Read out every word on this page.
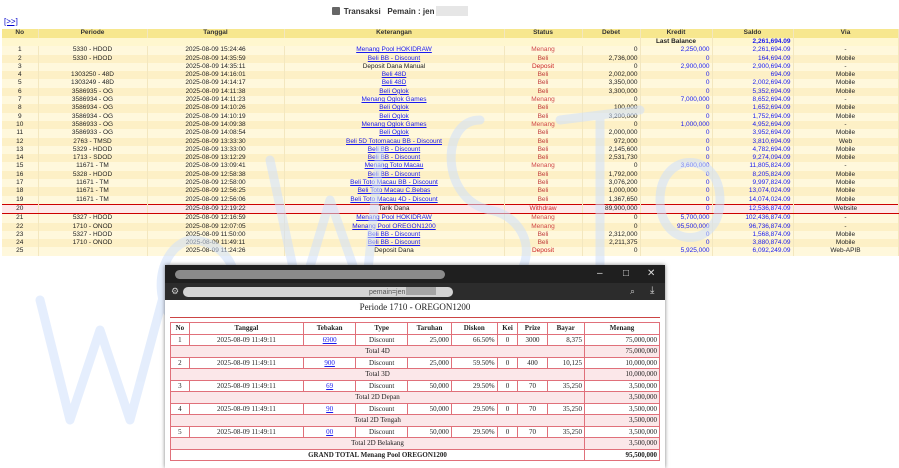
Transaksi Pemain : jen
[>>]
No	Periode	Tanggal	Keterangan	Status	Debet	Kredit	Saldo	Via
						Last Balance	2,261,694.09	
1	5330 - HDOD	2025-08-09 15:24:46	Menang Pool HOKIDRAW	Menang	0	2,250,000	2,261,694.09	-
2	5330 - HDOD	2025-08-09 14:35:59	Beli BB - Discount	Beli	2,736,000	0	164,694.09	Mobile
3		2025-08-09 14:35:11	Deposit Dana Manual	Deposit	0	2,900,000	2,900,694.09	-
4	1303250 - 48D	2025-08-09 14:16:01	Beli 48D	Beli	2,002,000	0	694.09	Mobile
5	1303249 - 48D	2025-08-09 14:14:17	Beli 48D	Beli	3,350,000	0	2,002,694.09	Mobile
6	3586935 - OG	2025-08-09 14:11:38	Beli Oglok	Beli	3,300,000	0	5,352,694.09	Mobile
7	3586934 - OG	2025-08-09 14:11:23	Menang Oglok Games	Menang	0	7,000,000	8,652,694.09	-
8	3586934 - OG	2025-08-09 14:10:26	Beli Oglok	Beli	100,000	0	1,652,694.09	Mobile
9	3586934 - OG	2025-08-09 14:10:19	Beli Oglok	Beli	3,200,000	0	1,752,694.09	Mobile
10	3586933 - OG	2025-08-09 14:09:38	Menang Oglok Games	Menang	0	1,000,000	4,952,694.09	-
11	3586933 - OG	2025-08-09 14:08:54	Beli Oglok	Beli	2,000,000	0	3,952,694.09	Mobile
12	2763 - TMSD	2025-08-09 13:33:30	Beli 5D Totomacau BB - Discount	Beli	972,000	0	3,810,694.09	Web
13	5329 - HDOD	2025-08-09 13:33:00	Beli BB - Discount	Beli	2,145,600	0	4,782,694.09	Mobile
14	1713 - SDOD	2025-08-09 13:12:29	Beli BB - Discount	Beli	2,531,730	0	9,274,094.09	Mobile
15	11671 - TM	2025-08-09 13:09:41	Menang Toto Macau	Menang	0	3,600,000	11,805,824.09	-
16	5328 - HDOD	2025-08-09 12:58:38	Beli BB - Discount	Beli	1,792,000	0	8,205,824.09	Mobile
17	11671 - TM	2025-08-09 12:58:00	Beli Toto Macau BB - Discount	Beli	3,076,200	0	9,997,824.09	Mobile
18	11671 - TM	2025-08-09 12:56:25	Beli Toto Macau C.Bebas	Beli	1,000,000	0	13,074,024.09	Mobile
19	11671 - TM	2025-08-09 12:56:06	Beli Toto Macau 4D - Discount	Beli	1,367,650	0	14,074,024.09	Mobile
20		2025-08-09 12:19:22	Tarik Dana	Withdraw	89,900,000	0	12,536,874.09	Website
21	5327 - HDOD	2025-08-09 12:16:59	Menang Pool HOKIDRAW	Menang	0	5,700,000	102,436,874.09	-
22	1710 - ONOD	2025-08-09 12:07:05	Menang Pool OREGON1200	Menang	0	95,500,000	96,736,874.09	-
23	5327 - HDOD	2025-08-09 11:50:00	Beli BB - Discount	Beli	2,312,000	0	1,568,874.09	Mobile
24	1710 - ONOD	2025-08-09 11:49:11	Beli BB - Discount	Beli	2,211,375	0	3,880,874.09	Mobile
25		2025-08-09 11:24:26	Deposit Dana	Deposit	0	5,925,000	6,092,249.09	Web-APIB
– □ ✕
⚙	pemain=jen	⌕ ⤓
Periode 1710 - OREGON1200
No	Tanggal	Tebakan	Type	Taruhan	Diskon	Kei	Prize	Bayar	Menang
1	2025-08-09 11:49:11	6900	Discount	25,000	66.50%	0	3000	8,375	75,000,000
Total 4D									75,000,000
2	2025-08-09 11:49:11	900	Discount	25,000	59.50%	0	400	10,125	10,000,000
Total 3D									10,000,000
3	2025-08-09 11:49:11	69	Discount	50,000	29.50%	0	70	35,250	3,500,000
Total 2D Depan									3,500,000
4	2025-08-09 11:49:11	90	Discount	50,000	29.50%	0	70	35,250	3,500,000
Total 2D Tengah									3,500,000
5	2025-08-09 11:49:11	00	Discount	50,000	29.50%	0	70	35,250	3,500,000
Total 2D Belakang									3,500,000
GRAND TOTAL Menang Pool OREGON1200									95,500,000
